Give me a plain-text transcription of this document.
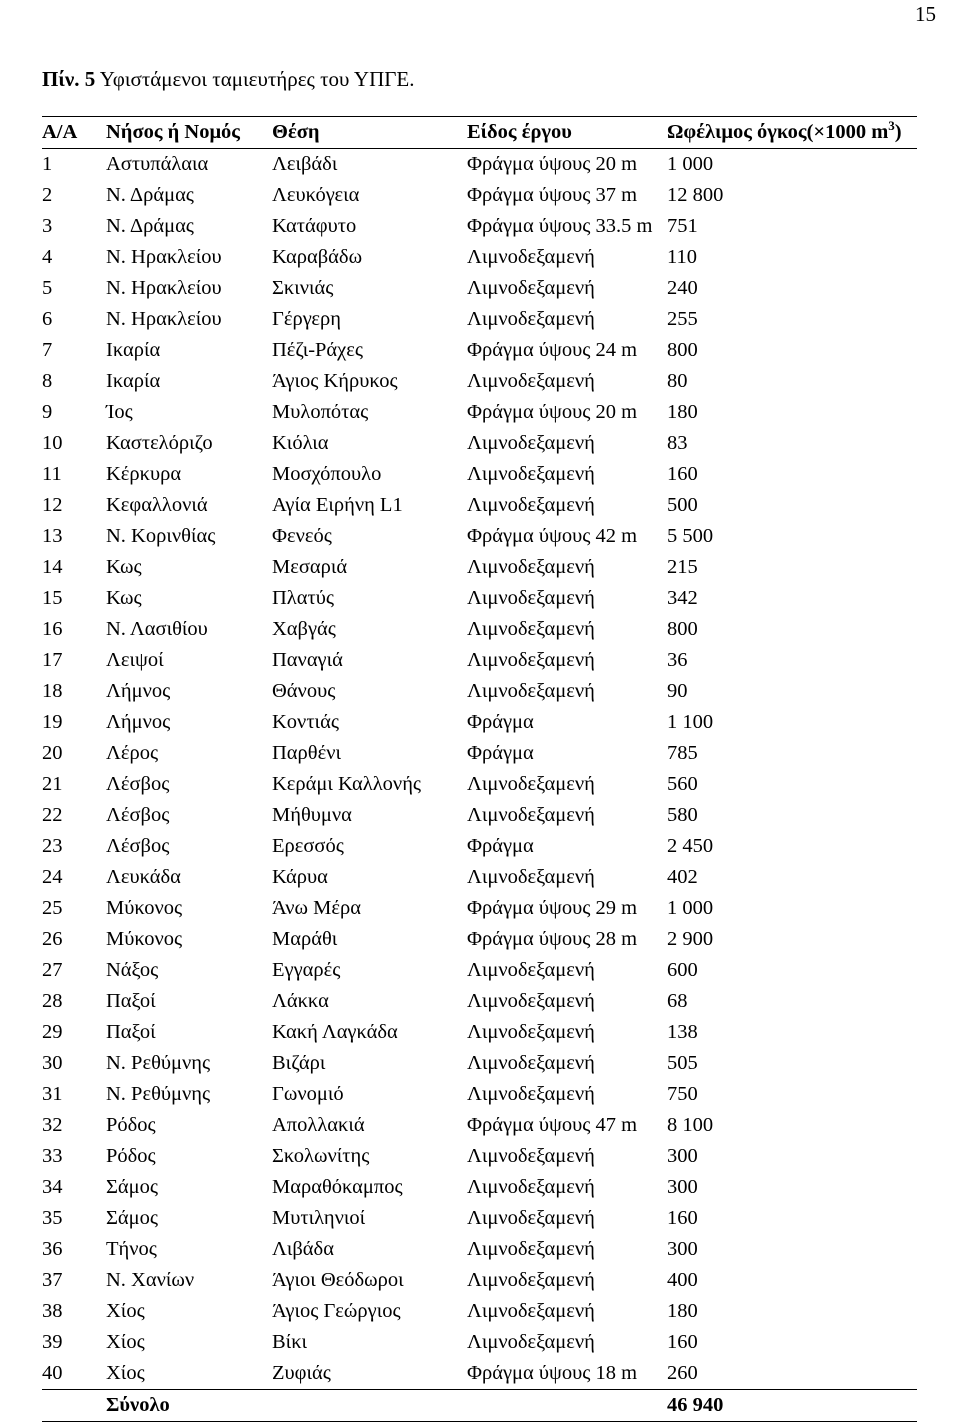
15
Πίν. 5 Υφιστάμενοι ταμιευτήρες του ΥΠΓΕ.
Α/Α	Νήσος ή Νομός	Θέση	Είδος έργου	Ωφέλιμος όγκος(×1000 $m^3$)
1	Αστυπάλαια	Λειβάδι	Φράγμα ύψους 20 m	1 000
2	Ν. Δράμας	Λευκόγεια	Φράγμα ύψους 37 m	12 800
3	Ν. Δράμας	Κατάφυτο	Φράγμα ύψους 33.5 m	751
4	Ν. Ηρακλείου	Καραβάδω	Λιμνοδεξαμενή	110
5	Ν. Ηρακλείου	Σκινιάς	Λιμνοδεξαμενή	240
6	Ν. Ηρακλείου	Γέργερη	Λιμνοδεξαμενή	255
7	Ικαρία	Πέζι-Ράχες	Φράγμα ύψους 24 m	800
8	Ικαρία	Άγιος Κήρυκος	Λιμνοδεξαμενή	80
9	Ίος	Μυλοπότας	Φράγμα ύψους 20 m	180
10	Καστελόριζο	Κιόλια	Λιμνοδεξαμενή	83
11	Κέρκυρα	Μοσχόπουλο	Λιμνοδεξαμενή	160
12	Κεφαλλονιά	Αγία Ειρήνη L1	Λιμνοδεξαμενή	500
13	Ν. Κορινθίας	Φενεός	Φράγμα ύψους 42 m	5 500
14	Κως	Μεσαριά	Λιμνοδεξαμενή	215
15	Κως	Πλατύς	Λιμνοδεξαμενή	342
16	Ν. Λασιθίου	Χαβγάς	Λιμνοδεξαμενή	800
17	Λειψοί	Παναγιά	Λιμνοδεξαμενή	36
18	Λήμνος	Θάνους	Λιμνοδεξαμενή	90
19	Λήμνος	Κοντιάς	Φράγμα	1 100
20	Λέρος	Παρθένι	Φράγμα	785
21	Λέσβος	Κεράμι Καλλονής	Λιμνοδεξαμενή	560
22	Λέσβος	Μήθυμνα	Λιμνοδεξαμενή	580
23	Λέσβος	Ερεσσός	Φράγμα	2 450
24	Λευκάδα	Κάρυα	Λιμνοδεξαμενή	402
25	Μύκονος	Άνω Μέρα	Φράγμα ύψους 29 m	1 000
26	Μύκονος	Μαράθι	Φράγμα ύψους 28 m	2 900
27	Νάξος	Εγγαρές	Λιμνοδεξαμενή	600
28	Παξοί	Λάκκα	Λιμνοδεξαμενή	68
29	Παξοί	Κακή Λαγκάδα	Λιμνοδεξαμενή	138
30	Ν. Ρεθύμνης	Βιζάρι	Λιμνοδεξαμενή	505
31	Ν. Ρεθύμνης	Γωνομιό	Λιμνοδεξαμενή	750
32	Ρόδος	Απολλακιά	Φράγμα ύψους 47 m	8 100
33	Ρόδος	Σκολωνίτης	Λιμνοδεξαμενή	300
34	Σάμος	Μαραθόκαμπος	Λιμνοδεξαμενή	300
35	Σάμος	Μυτιληνιοί	Λιμνοδεξαμενή	160
36	Τήνος	Λιβάδα	Λιμνοδεξαμενή	300
37	Ν. Χανίων	Άγιοι Θεόδωροι	Λιμνοδεξαμενή	400
38	Χίος	Άγιος Γεώργιος	Λιμνοδεξαμενή	180
39	Χίος	Βίκι	Λιμνοδεξαμενή	160
40	Χίος	Ζυφιάς	Φράγμα ύψους 18 m	260
	Σύνολο			46 940
